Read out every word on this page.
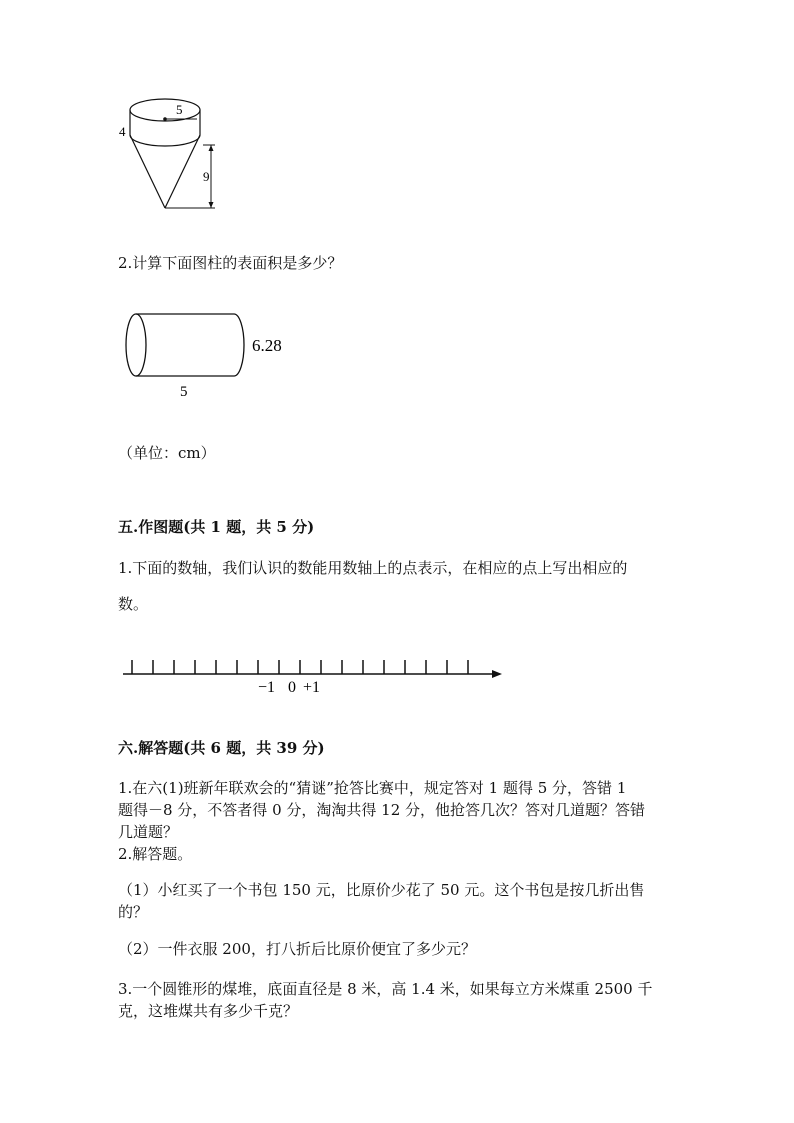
5
4
9
2.计算下面图柱的表面积是多少？
6.28
5
（单位：cm）
五.作图题(共 1 题，共 5 分)
1.下面的数轴，我们认识的数能用数轴上的点表示，在相应的点上写出相应的
数。
−1 0 +1
六.解答题(共 6 题，共 39 分)
1.在六(1)班新年联欢会的“猜谜”抢答比赛中，规定答对 1 题得 5 分，答错 1
题得－8 分，不答者得 0 分，淘淘共得 12 分，他抢答几次？答对几道题？答错
几道题？
2.解答题。
（1）小红买了一个书包 150 元，比原价少花了 50 元。这个书包是按几折出售
的？
（2）一件衣服 200，打八折后比原价便宜了多少元？
3.一个圆锥形的煤堆，底面直径是 8 米，高 1.4 米，如果每立方米煤重 2500 千
克，这堆煤共有多少千克？
